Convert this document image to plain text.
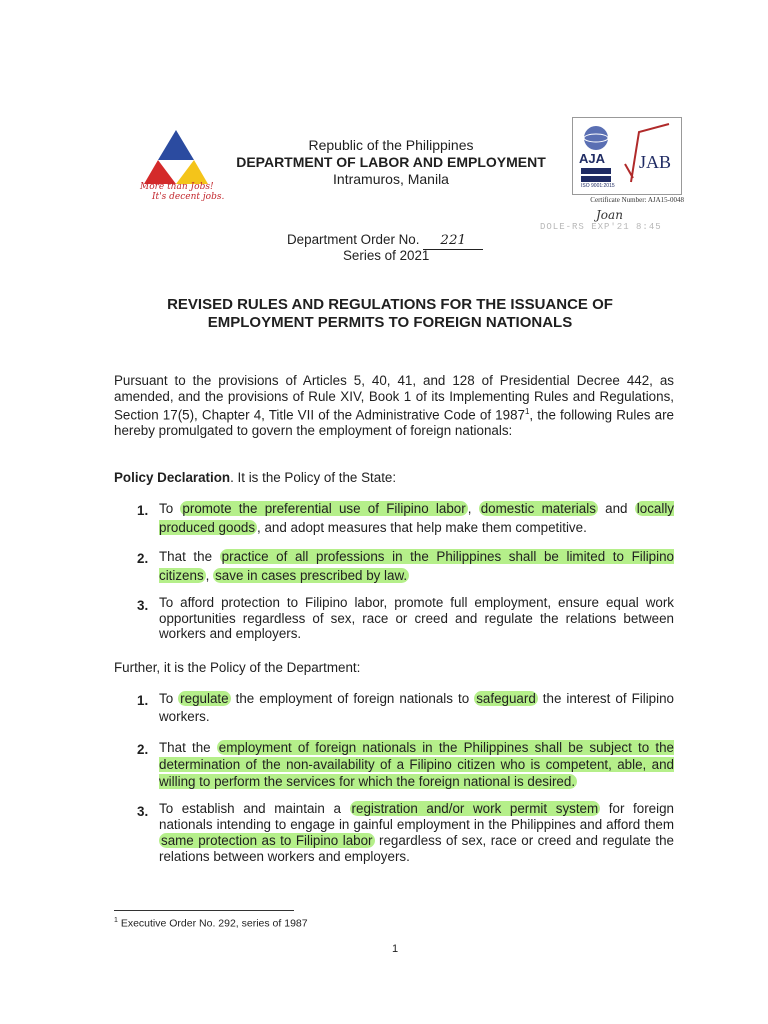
More than Jobs!
It's decent jobs.
Republic of the Philippines
DEPARTMENT OF LABOR AND EMPLOYMENT
Intramuros, Manila
AJA
ISO 9001:2015
JAB
Certificate Number: AJA15-0048
Joan
DOLE-RS EXP'21 8:45
Department Order No. 221
Series of 2021
REVISED RULES AND REGULATIONS FOR THE ISSUANCE OF
EMPLOYMENT PERMITS TO FOREIGN NATIONALS
Pursuant to the provisions of Articles 5, 40, 41, and 128 of Presidential Decree 442, as amended, and the provisions of Rule XIV, Book 1 of its Implementing Rules and Regulations, Section 17(5), Chapter 4, Title VII of the Administrative Code of 1987$^1$, the following Rules are hereby promulgated to govern the employment of foreign nationals:
Policy Declaration. It is the Policy of the State:
1. To promote the preferential use of Filipino labor , domestic materials and locally produced goods , and adopt measures that help make them competitive.
2. That the practice of all professions in the Philippines shall be limited to Filipino citizens , save in cases prescribed by law.
3. To afford protection to Filipino labor, promote full employment, ensure equal work opportunities regardless of sex, race or creed and regulate the relations between workers and employers.
Further, it is the Policy of the Department:
1. To regulate the employment of foreign nationals to safeguard the interest of Filipino workers.
2. That the employment of foreign nationals in the Philippines shall be subject to the determination of the non-availability of a Filipino citizen who is competent, able, and willing to perform the services for which the foreign national is desired.
3. To establish and maintain a registration and/or work permit system for foreign nationals intending to engage in gainful employment in the Philippines and afford them same protection as to Filipino labor regardless of sex, race or creed and regulate the relations between workers and employers.
$^1$ Executive Order No. 292, series of 1987
1
